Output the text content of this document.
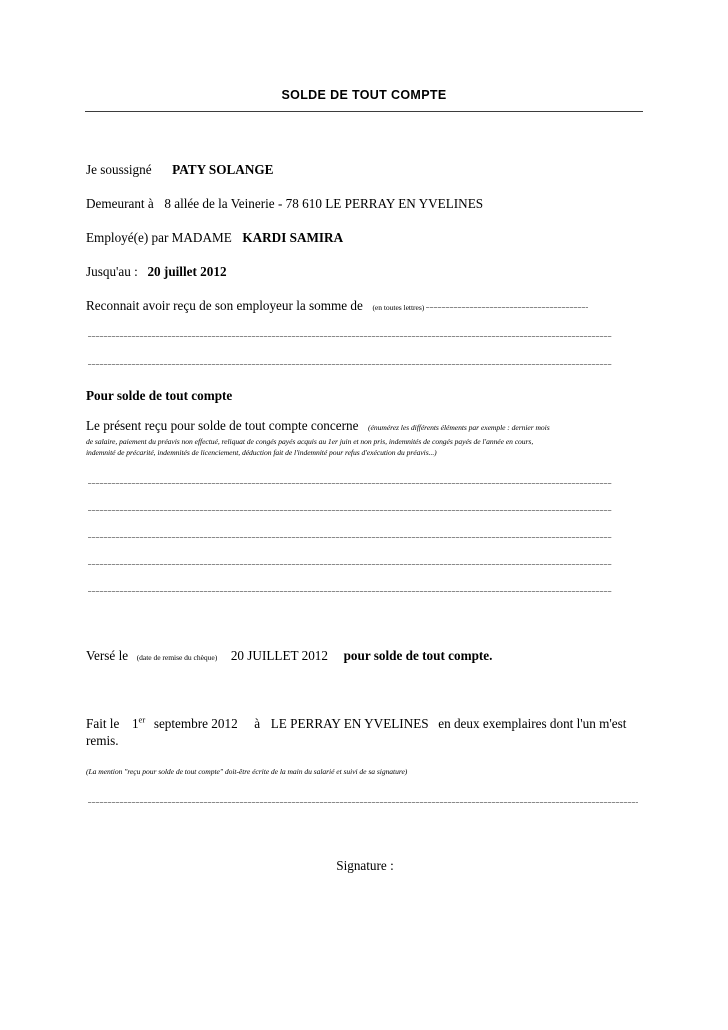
SOLDE DE TOUT COMPTE
Je soussigné PATY SOLANGE
Demeurant à 8 allée de la Veinerie - 78 610 LE PERRAY EN YVELINES
Employé(e) par MADAME KARDI SAMIRA
Jusqu'au : 20 juillet 2012
Reconnait avoir reçu de son employeur la somme de (en toutes lettres)
Pour solde de tout compte
Le présent reçu pour solde de tout compte concerne (énumérez les différents éléments par exemple : dernier mois
de salaire, paiement du préavis non effectué, reliquat de congés payés acquis au 1er juin et non pris, indemnités de congés payés de l'année en cours,
indemnité de précarité, indemnités de licenciement, déduction fait de l'indemnité pour refus d'exécution du préavis...)
Versé le (date de remise du chèque) 20 JUILLET 2012 pour solde de tout compte.
Fait le 1er septembre 2012 à LE PERRAY EN YVELINES en deux exemplaires dont l'un m'est remis.
(La mention "reçu pour solde de tout compte" doit-être écrite de la main du salarié et suivi de sa signature)
Signature :
